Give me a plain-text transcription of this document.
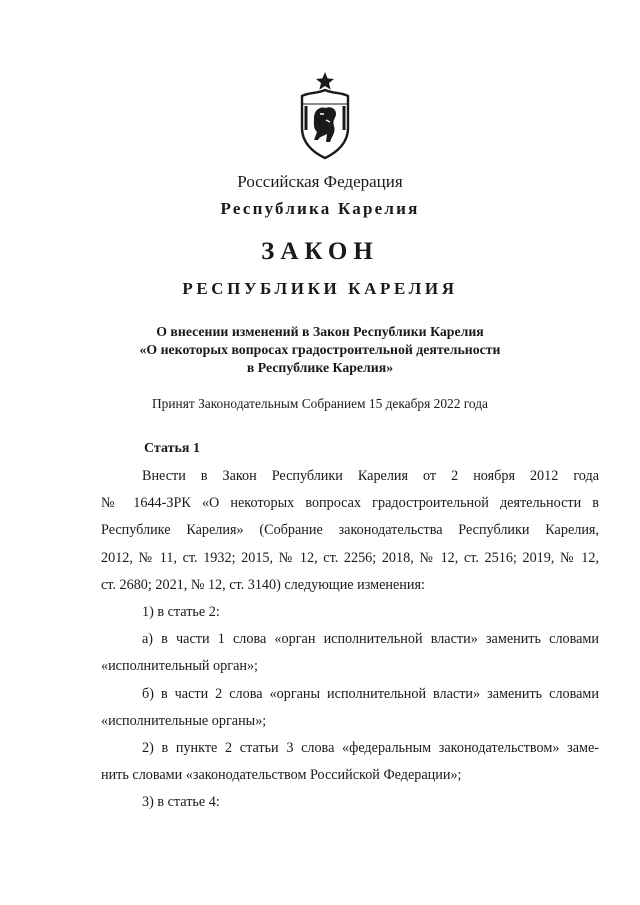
Российская Федерация
Республика Карелия
ЗАКОН
РЕСПУБЛИКИ КАРЕЛИЯ
О внесении изменений в Закон Республики Карелия
«О некоторых вопросах градостроительной деятельности
в Республике Карелия»
Принят Законодательным Собранием 15 декабря 2022 года
Статья 1

Внести в Закон Республики Карелия от 2 ноября 2012 года

№ 1644-ЗРК «О некоторых вопросах градостроительной деятельности в

Республике Карелия» (Собрание законодательства Республики Карелия,

2012, № 11, ст. 1932; 2015, № 12, ст. 2256; 2018, № 12, ст. 2516; 2019, № 12,

ст. 2680; 2021, № 12, ст. 3140) следующие изменения:

1) в статье 2:

а) в части 1 слова «орган исполнительной власти» заменить словами

«исполнительный орган»;

б) в части 2 слова «органы исполнительной власти» заменить словами

«исполнительные органы»;

2) в пункте 2 статьи 3 слова «федеральным законодательством» заме-

нить словами «законодательством Российской Федерации»;

3) в статье 4:
